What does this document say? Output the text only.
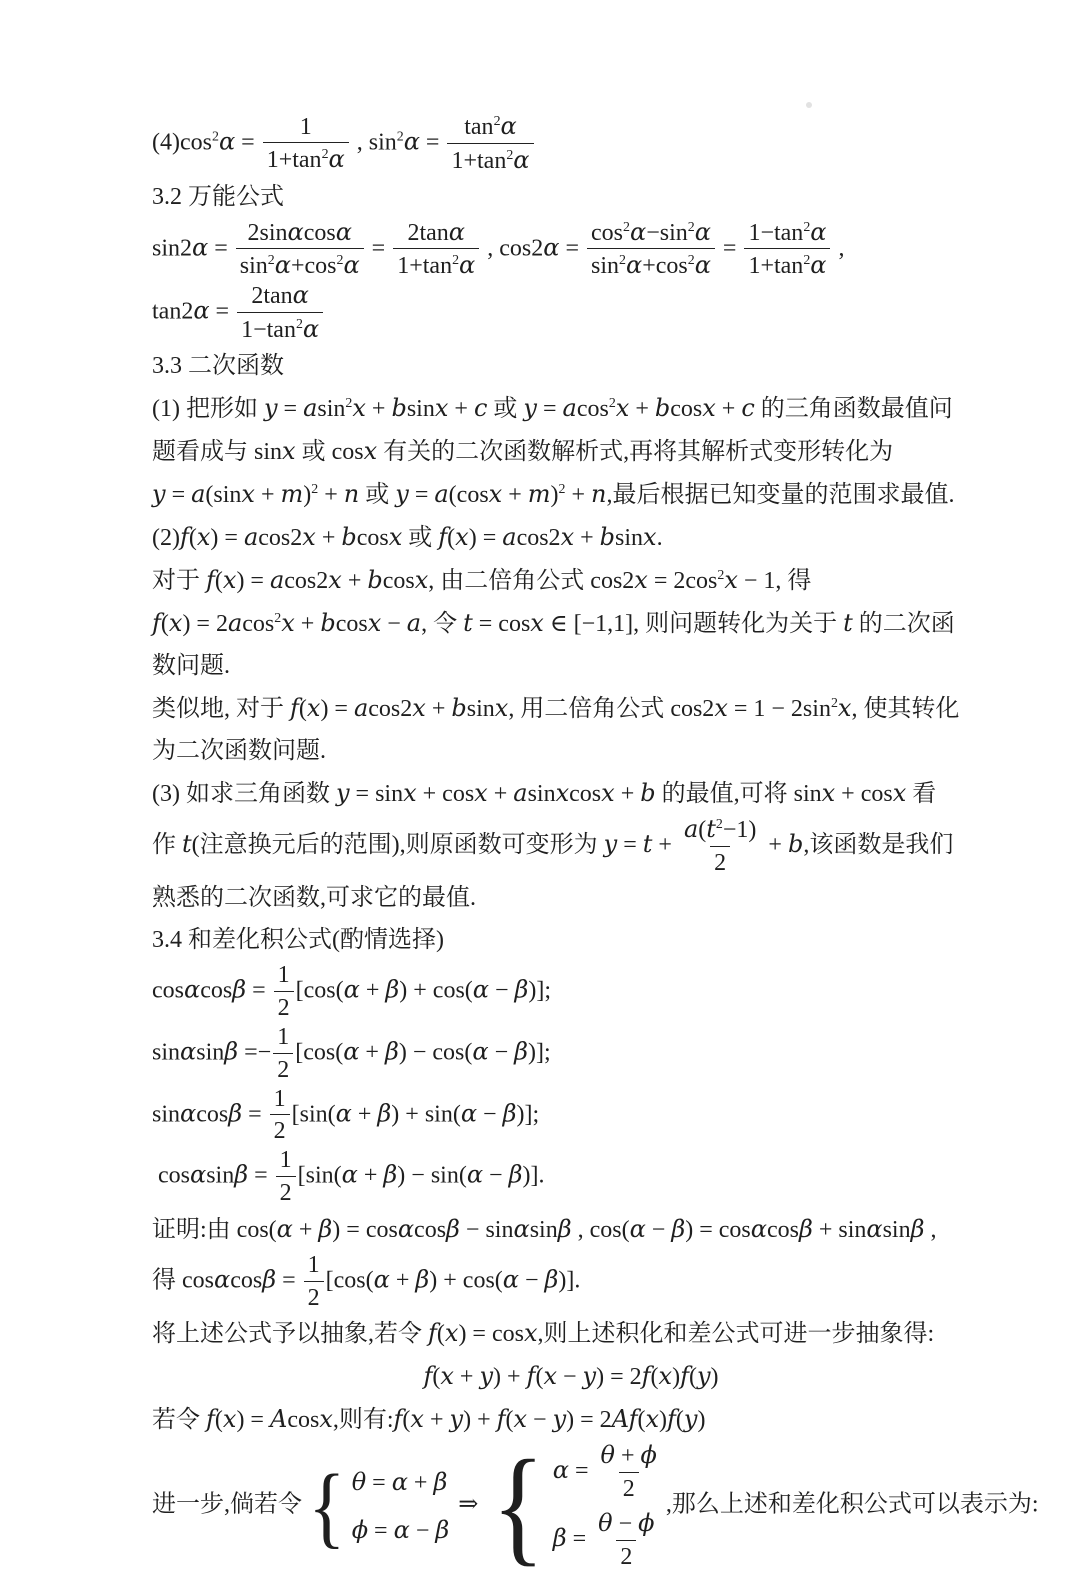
$(4)\cos^2\alpha = \frac{1}{1+\tan^2\alpha}$ , $\sin^2\alpha = \frac{\tan^2\alpha}{1+\tan^2\alpha}$
3.2 万能公式
$\sin 2\alpha = \frac{2\sin\alpha\cos\alpha}{\sin^2\alpha+\cos^2\alpha} = \frac{2\tan\alpha}{1+\tan^2\alpha}$ , $\cos 2\alpha = \frac{\cos^2\alpha-\sin^2\alpha}{\sin^2\alpha+\cos^2\alpha} = \frac{1-\tan^2\alpha}{1+\tan^2\alpha}$ ,
$\tan 2\alpha = \frac{2\tan\alpha}{1-\tan^2\alpha}$
3.3 二次函数
(1) 把形如 y = asin$^2$x + bsinx + c 或 y = acos$^2$x + bcosx + c 的三角函数最值问
题看成与 sinx 或 cosx 有关的二次函数解析式,再将其解析式变形转化为
$y = a(\sin x + m)^2 + n$ 或 $y = a(\cos x + m)^2 + n$,最后根据已知变量的范围求最值.
(2)f(x) = acos2x + bcosx 或 f(x) = acos2x + bsinx.
对于 f(x) = acos2x + bcosx, 由二倍角公式 $\cos 2x = 2\cos^2x - 1$, 得
f(x) = 2acos$^2$x + bcosx − a, 令 t = cosx ∈ [−1,1], 则问题转化为关于 t 的二次函
数问题.
类似地, 对于 f(x) = acos2x + bsinx, 用二倍角公式 $\cos 2x = 1 - 2\sin^2x$, 使其转化
为二次函数问题.
(3) 如求三角函数 y = sinx + cosx + asinxcosx + b 的最值,可将 sinx + cosx 看
作 t(注意换元后的范围),则原函数可变形为 $y = t + \frac{a(t^2-1)}{2} + b$,该函数是我们
熟悉的二次函数,可求它的最值.
3.4 和差化积公式(酌情选择)
$\cos\alpha\cos\beta = \frac{1}{2} [\cos(\alpha + \beta) + \cos(\alpha - \beta)]$;
$\sin\alpha\sin\beta =- \frac{1}{2} [\cos(\alpha + \beta) - \cos(\alpha - \beta)]$;
$\sin\alpha\cos\beta = \frac{1}{2} [\sin(\alpha + \beta) + \sin(\alpha - \beta)]$;
$\cos\alpha\sin\beta = \frac{1}{2} [\sin(\alpha + \beta) - \sin(\alpha - \beta)]$.
证明:由 cos(α + β) = cosαcosβ − sinαsinβ , cos(α − β) = cosαcosβ + sinαsinβ ,
得 $\cos\alpha\cos\beta = \frac{1}{2} [\cos(\alpha + \beta) + \cos(\alpha - \beta)]$.
将上述公式予以抽象,若令 f(x) = cosx,则上述积化和差公式可进一步抽象得:
f(x + y) + f(x − y) = 2f(x)f(y)
若令 f(x) = Acosx,则有:f(x + y) + f(x − y) = 2Af(x)f(y)
进一步,倘若令 { θ = α + β
ϕ = α − β
⇒ { $\alpha = \frac{\theta + \phi}{2}$
$\beta = \frac{\theta - \phi}{2}$
,那么上述和差化积公式可以表示为:
